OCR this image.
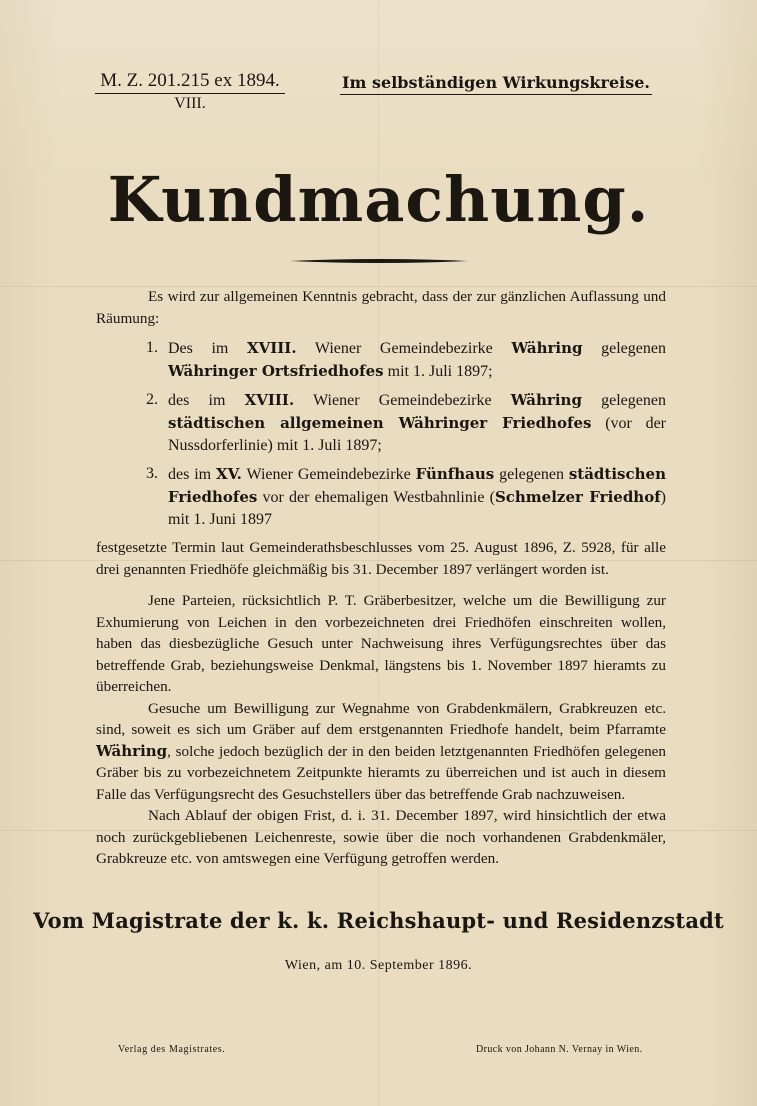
M. Z. 201.215 ex 1894.
VIII.
Im selbständigen Wirkungskreise.
Kundmachung.

Es wird zur allgemeinen Kenntnis gebracht, dass der zur gänzlichen Auflassung und Räumung:

1. Des im XVIII. Wiener Gemeindebezirke Währing gelegenen Währinger Ortsfriedhofes mit 1. Juli 1897;
2. des im XVIII. Wiener Gemeindebezirke Währing gelegenen städtischen allgemeinen Währinger Friedhofes (vor der Nussdorferlinie) mit 1. Juli 1897;
3. des im XV. Wiener Gemeindebezirke Fünfhaus gelegenen städtischen Friedhofes vor der ehemaligen Westbahnlinie (Schmelzer Friedhof) mit 1. Juni 1897

festgesetzte Termin laut Gemeinderathsbeschlusses vom 25. August 1896, Z. 5928, für alle drei genannten Friedhöfe gleichmäßig bis 31. December 1897 verlängert worden ist.

Jene Parteien, rücksichtlich P. T. Gräberbesitzer, welche um die Bewilligung zur Exhumierung von Leichen in den vorbezeichneten drei Friedhöfen einschreiten wollen, haben das diesbezügliche Gesuch unter Nachweisung ihres Verfügungsrechtes über das betreffende Grab, beziehungsweise Denkmal, längstens bis 1. November 1897 hieramts zu überreichen.

Gesuche um Bewilligung zur Wegnahme von Grabdenkmälern, Grabkreuzen etc. sind, soweit es sich um Gräber auf dem erstgenannten Friedhofe handelt, beim Pfarramte Währing, solche jedoch bezüglich der in den beiden letztgenannten Friedhöfen gelegenen Gräber bis zu vorbezeichnetem Zeitpunkte hieramts zu überreichen und ist auch in diesem Falle das Verfügungsrecht des Gesuchstellers über das betreffende Grab nachzuweisen.

Nach Ablauf der obigen Frist, d. i. 31. December 1897, wird hinsichtlich der etwa noch zurückgebliebenen Leichenreste, sowie über die noch vorhandenen Grabdenkmäler, Grabkreuze etc. von amtswegen eine Verfügung getroffen werden.

Vom Magistrate der k. k. Reichshaupt- und Residenzstadt
Wien, am 10. September 1896.
Verlag des Magistrates.	Druck von Johann N. Vernay in Wien.
